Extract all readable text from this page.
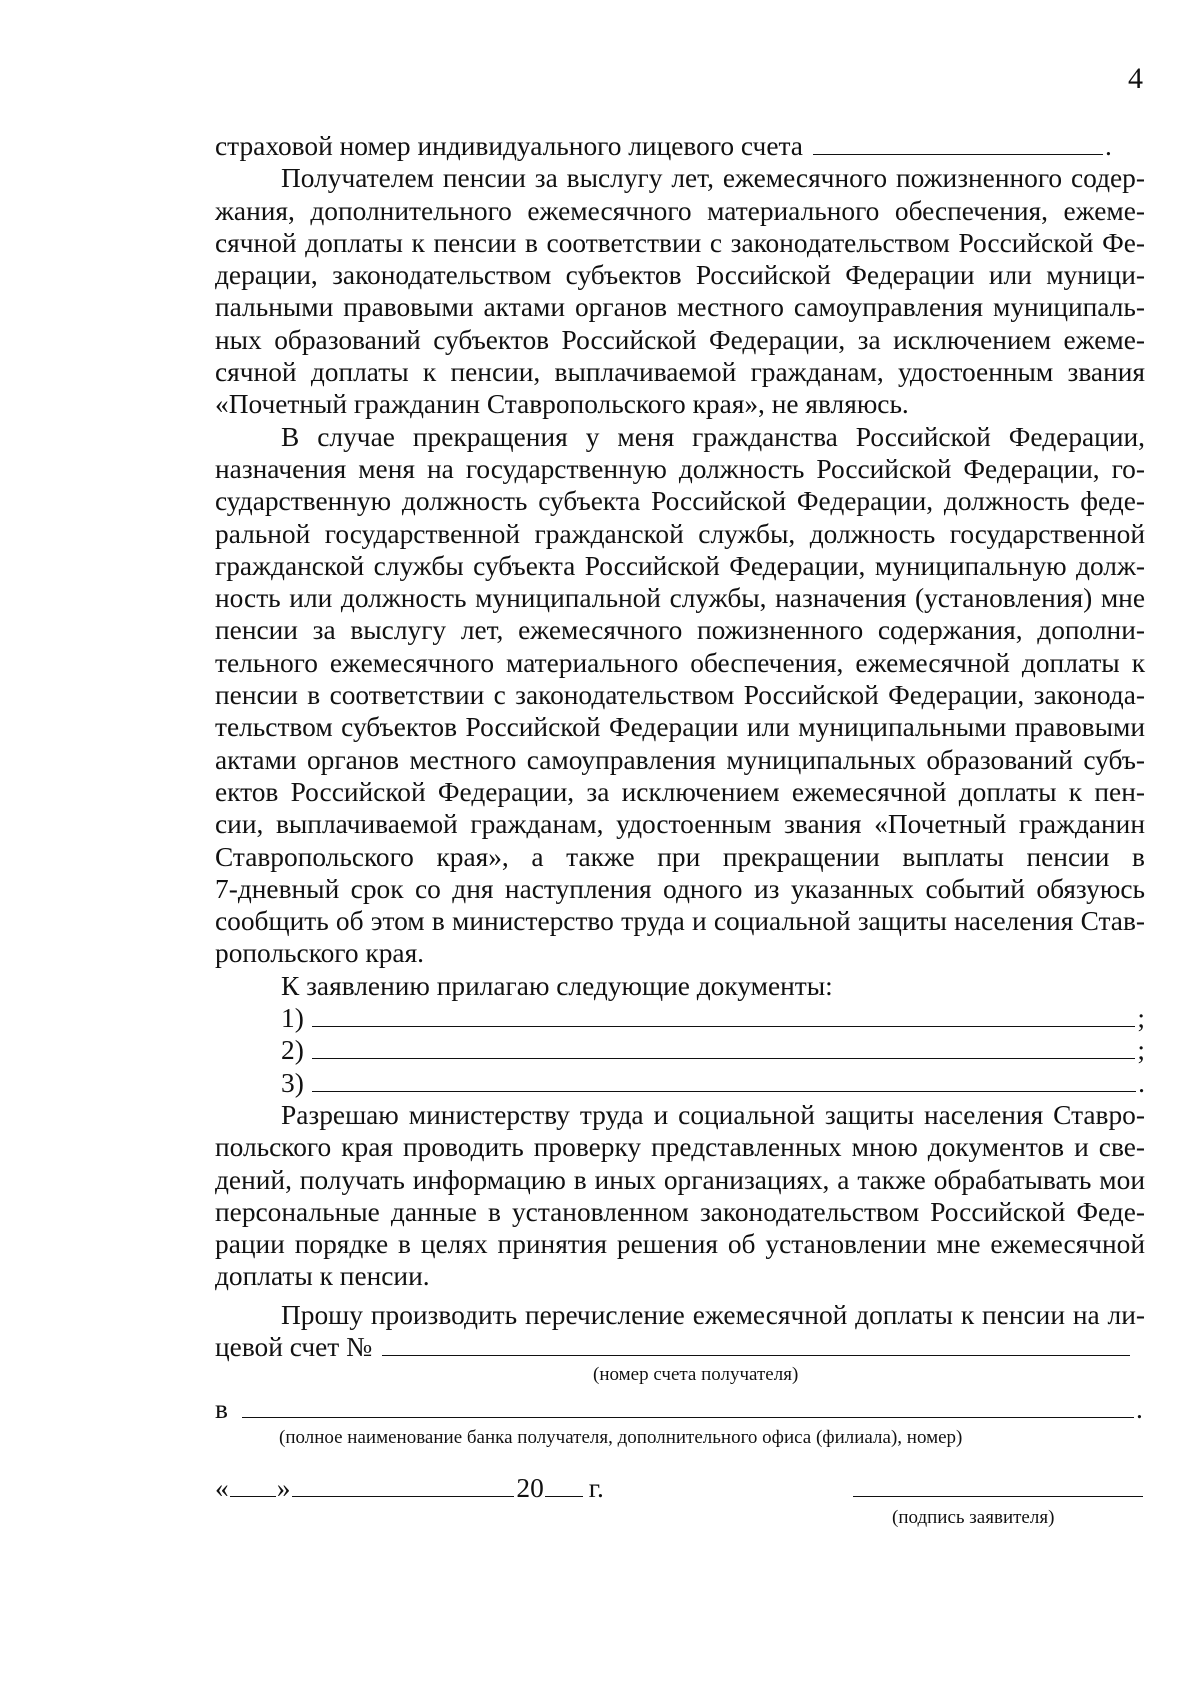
4
страховой номер индивидуального лицевого счета	.
Получателем пенсии за выслугу лет, ежемесячного пожизненного содер-
жания, дополнительного ежемесячного материального обеспечения, ежеме-
сячной доплаты к пенсии в соответствии с законодательством Российской Фе-
дерации, законодательством субъектов Российской Федерации или муници-
пальными правовыми актами органов местного самоуправления муниципаль-
ных образований субъектов Российской Федерации, за исключением ежеме-
сячной доплаты к пенсии, выплачиваемой гражданам, удостоенным звания
«Почетный гражданин Ставропольского края», не являюсь.
В случае прекращения у меня гражданства Российской Федерации,
назначения меня на государственную должность Российской Федерации, го-
сударственную должность субъекта Российской Федерации, должность феде-
ральной государственной гражданской службы, должность государственной
гражданской службы субъекта Российской Федерации, муниципальную долж-
ность или должность муниципальной службы, назначения (установления) мне
пенсии за выслугу лет, ежемесячного пожизненного содержания, дополни-
тельного ежемесячного материального обеспечения, ежемесячной доплаты к
пенсии в соответствии с законодательством Российской Федерации, законода-
тельством субъектов Российской Федерации или муниципальными правовыми
актами органов местного самоуправления муниципальных образований субъ-
ектов Российской Федерации, за исключением ежемесячной доплаты к пен-
сии, выплачиваемой гражданам, удостоенным звания «Почетный гражданин
Ставропольского края», а также при прекращении выплаты пенсии в
7-дневный срок со дня наступления одного из указанных событий обязуюсь
сообщить об этом в министерство труда и социальной защиты населения Став-
ропольского края.
К заявлению прилагаю следующие документы:
1)	;
2)	;
3)	.
Разрешаю министерству труда и социальной защиты населения Ставро-
польского края проводить проверку представленных мною документов и све-
дений, получать информацию в иных организациях, а также обрабатывать мои
персональные данные в установленном законодательством Российской Феде-
рации порядке в целях принятия решения об установлении мне ежемесячной
доплаты к пенсии.
Прошу производить перечисление ежемесячной доплаты к пенсии на ли-
цевой счет №
(номер счета получателя)
в	.
(полное наименование банка получателя, дополнительного офиса (филиала), номер)
« »	20 г.
(подпись заявителя)
